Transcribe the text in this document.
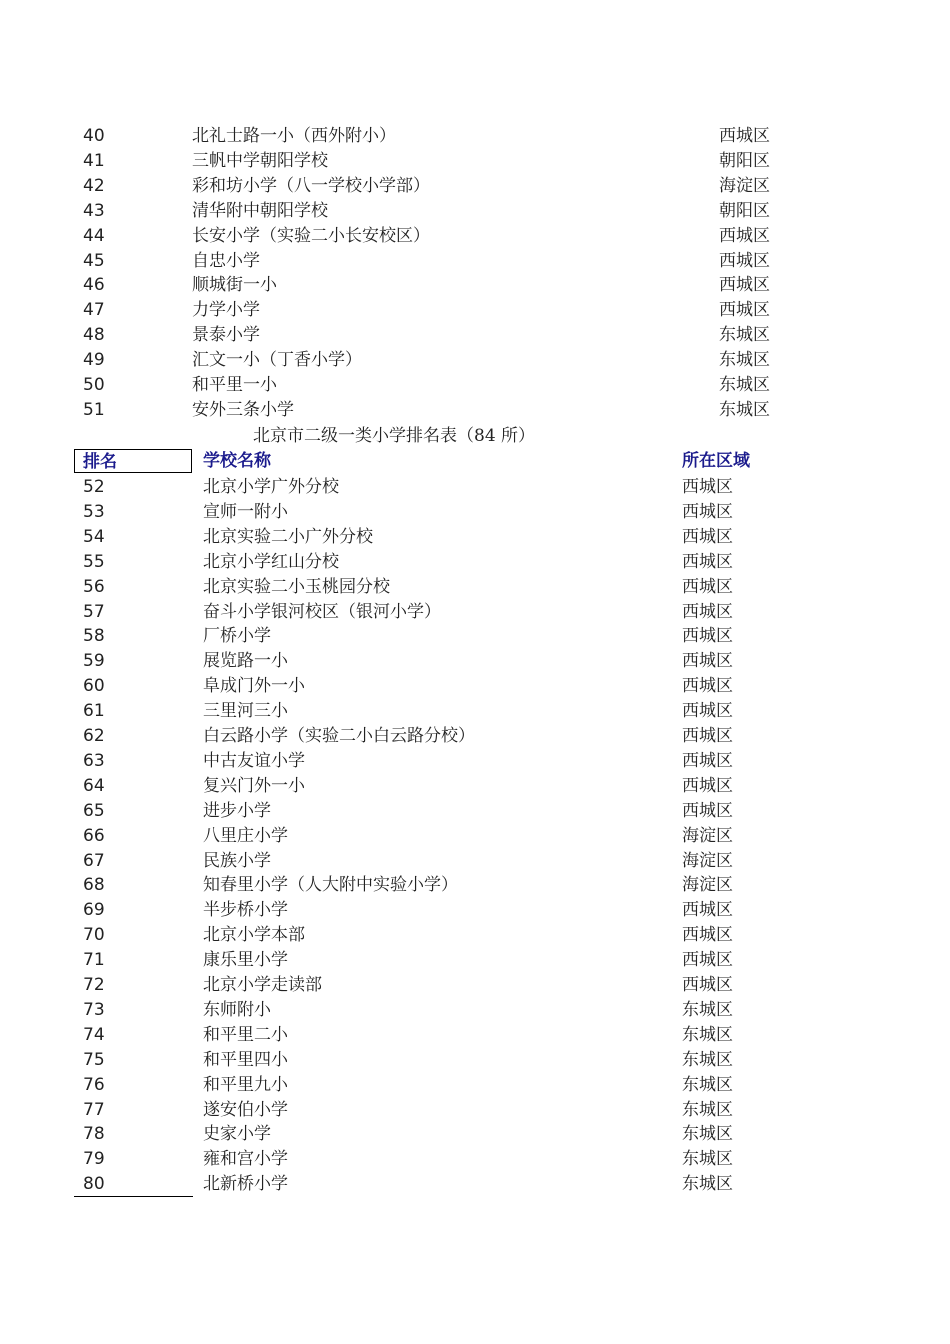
40	北礼士路一小（西外附小）	西城区
41	三帆中学朝阳学校	朝阳区
42	彩和坊小学（八一学校小学部）	海淀区
43	清华附中朝阳学校	朝阳区
44	长安小学（实验二小长安校区）	西城区
45	自忠小学	西城区
46	顺城街一小	西城区
47	力学小学	西城区
48	景泰小学	东城区
49	汇文一小（丁香小学）	东城区
50	和平里一小	东城区
51	安外三条小学	东城区
北京市二级一类小学排名表（84 所）
排名	学校名称	所在区域
52	北京小学广外分校	西城区
53	宣师一附小	西城区
54	北京实验二小广外分校	西城区
55	北京小学红山分校	西城区
56	北京实验二小玉桃园分校	西城区
57	奋斗小学银河校区（银河小学）	西城区
58	厂桥小学	西城区
59	展览路一小	西城区
60	阜成门外一小	西城区
61	三里河三小	西城区
62	白云路小学（实验二小白云路分校）	西城区
63	中古友谊小学	西城区
64	复兴门外一小	西城区
65	进步小学	西城区
66	八里庄小学	海淀区
67	民族小学	海淀区
68	知春里小学（人大附中实验小学）	海淀区
69	半步桥小学	西城区
70	北京小学本部	西城区
71	康乐里小学	西城区
72	北京小学走读部	西城区
73	东师附小	东城区
74	和平里二小	东城区
75	和平里四小	东城区
76	和平里九小	东城区
77	遂安伯小学	东城区
78	史家小学	东城区
79	雍和宫小学	东城区
80	北新桥小学	东城区
